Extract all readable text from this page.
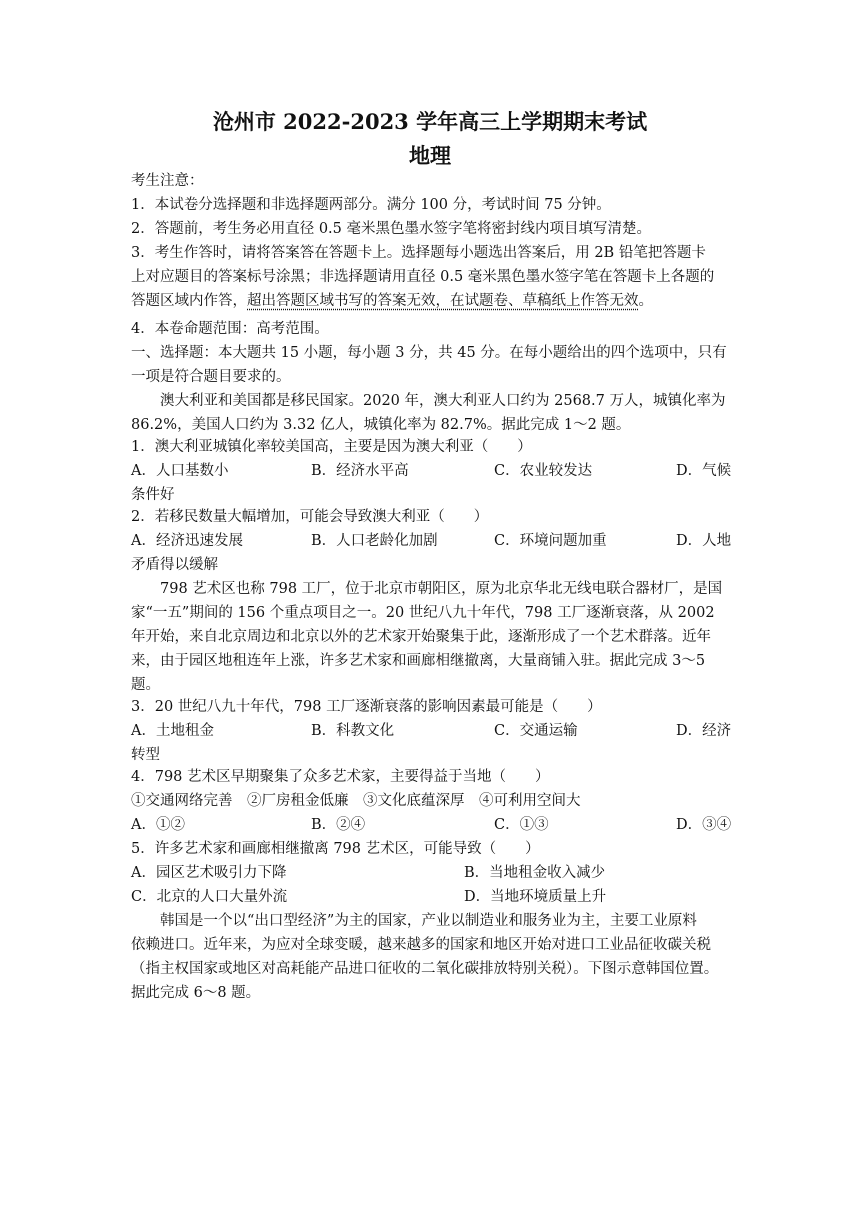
沧州市 2022-2023 学年高三上学期期末考试
地理
考生注意：
1．本试卷分选择题和非选择题两部分。满分 100 分，考试时间 75 分钟。
2．答题前，考生务必用直径 0.5 毫米黑色墨水签字笔将密封线内项目填写清楚。
3．考生作答时，请将答案答在答题卡上。选择题每小题选出答案后，用 2B 铅笔把答题卡
上对应题目的答案标号涂黑；非选择题请用直径 0.5 毫米黑色墨水签字笔在答题卡上各题的
答题区域内作答，超出答题区域书写的答案无效，在试题卷、草稿纸上作答无效。
4．本卷命题范围：高考范围。
一、选择题：本大题共 15 小题，每小题 3 分，共 45 分。在每小题给出的四个选项中，只有
一项是符合题目要求的。
澳大利亚和美国都是移民国家。2020 年，澳大利亚人口约为 2568.7 万人，城镇化率为
86.2%，美国人口约为 3.32 亿人，城镇化率为 82.7%。据此完成 1～2 题。
1．澳大利亚城镇化率较美国高，主要是因为澳大利亚（　　）
A．人口基数小	B．经济水平高	C．农业较发达	D．气候
条件好
2．若移民数量大幅增加，可能会导致澳大利亚（　　）
A．经济迅速发展	B．人口老龄化加剧	C．环境问题加重	D．人地
矛盾得以缓解
798 艺术区也称 798 工厂，位于北京市朝阳区，原为北京华北无线电联合器材厂，是国
家“一五”期间的 156 个重点项目之一。20 世纪八九十年代，798 工厂逐渐衰落，从 2002
年开始，来自北京周边和北京以外的艺术家开始聚集于此，逐渐形成了一个艺术群落。近年
来，由于园区地租连年上涨，许多艺术家和画廊相继撤离，大量商铺入驻。据此完成 3～5
题。
3．20 世纪八九十年代，798 工厂逐渐衰落的影响因素最可能是（　　）
A．土地租金	B．科教文化	C．交通运输	D．经济
转型
4．798 艺术区早期聚集了众多艺术家，主要得益于当地（　　）
①交通网络完善　②厂房租金低廉　③文化底蕴深厚　④可利用空间大
A．①②	B．②④	C．①③	D．③④
5．许多艺术家和画廊相继撤离 798 艺术区，可能导致（　　）
A．园区艺术吸引力下降	B．当地租金收入减少
C．北京的人口大量外流	D．当地环境质量上升
韩国是一个以“出口型经济”为主的国家，产业以制造业和服务业为主，主要工业原料
依赖进口。近年来，为应对全球变暖，越来越多的国家和地区开始对进口工业品征收碳关税
（指主权国家或地区对高耗能产品进口征收的二氧化碳排放特别关税）。下图示意韩国位置。
据此完成 6～8 题。
